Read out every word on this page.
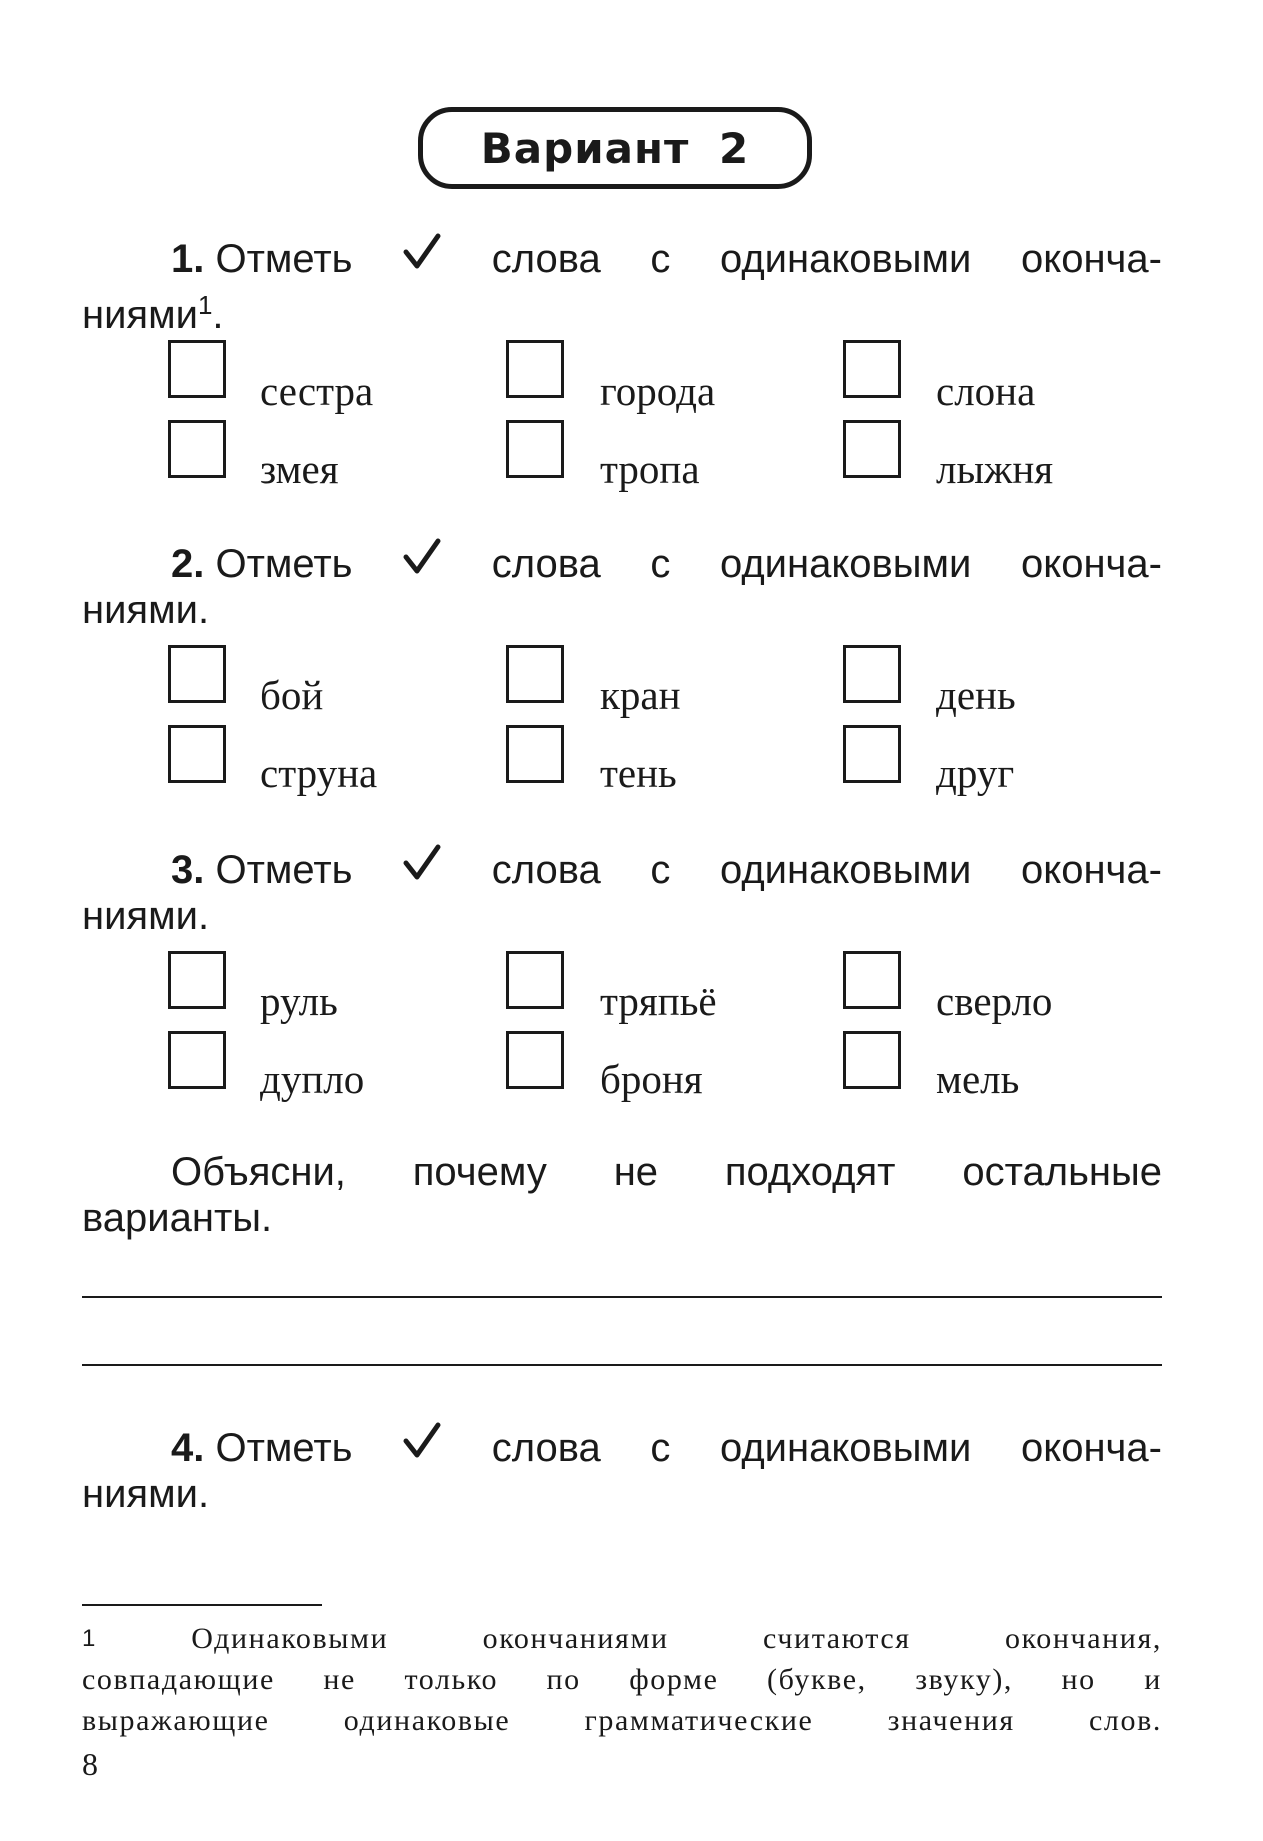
Вариант 2
1. Отметь	слова с одинаковыми оконча-
ниями$^1$.
сестра	города	слона
змея	тропа	лыжня
2. Отметь	слова с одинаковыми оконча-
ниями.
бой	кран	день
струна	тень	друг
3. Отметь	слова с одинаковыми оконча-
ниями.
руль	тряпьё	сверло
дупло	броня	мель
Объясни, почему не подходят остальные
варианты.
4. Отметь	слова с одинаковыми оконча-
ниями.
1	Одинаковыми	окончаниями	считаются	окончания,
совпадающие не только по форме (букве, звуку), но и
выражающие одинаковые грамматические значения слов.
8
